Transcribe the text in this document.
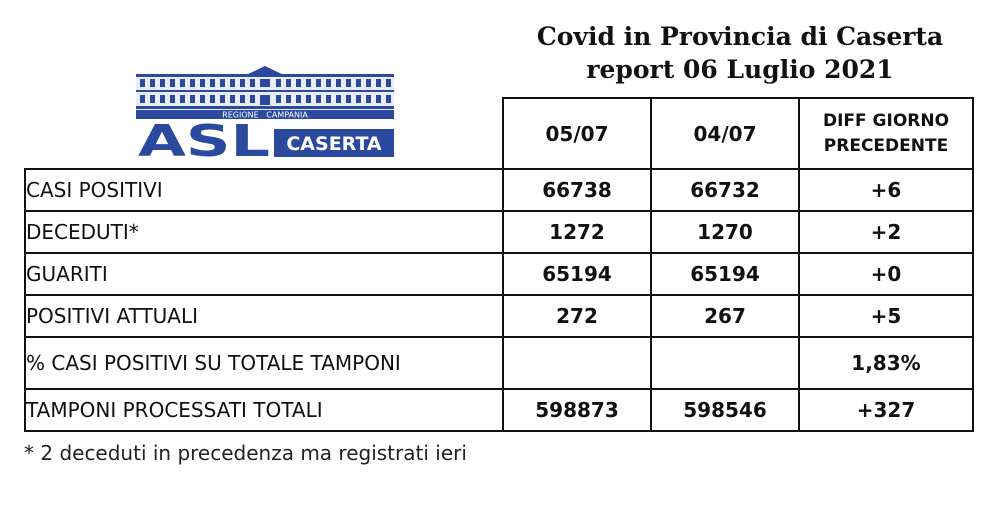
Covid in Provincia di Caserta
report 06 Luglio 2021
REGIONE   CAMPANIA
ASL CASERTA
		05/07	04/07	DIFF GIORNO
PRECEDENTE

CASI POSITIVI	66738	66732	+6
DECEDUTI*	1272	1270	+2
GUARITI	65194	65194	+0
POSITIVI ATTUALI	272	267	+5
% CASI POSITIVI SU TOTALE TAMPONI			1,83%
TAMPONI PROCESSATI TOTALI	598873	598546	+327
* 2 deceduti in precedenza ma registrati ieri
